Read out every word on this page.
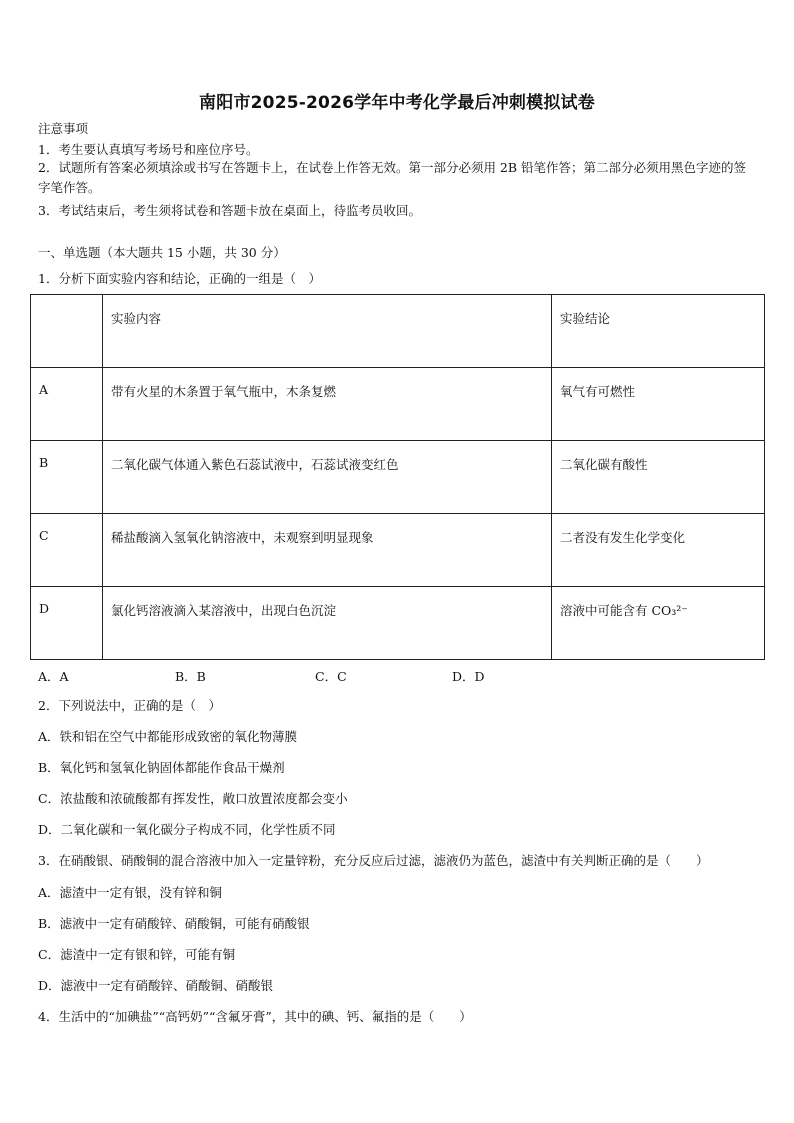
南阳市2025-2026学年中考化学最后冲刺模拟试卷
注意事项
1．考生要认真填写考场号和座位序号。
2．试题所有答案必须填涂或书写在答题卡上，在试卷上作答无效。第一部分必须用 2B 铅笔作答；第二部分必须用黑色字迹的签字笔作答。
3．考试结束后，考生须将试卷和答题卡放在桌面上，待监考员收回。
一、单选题（本大题共 15 小题，共 30 分）
1．分析下面实验内容和结论，正确的一组是（　）
	实验内容	实验结论
A	带有火星的木条置于氧气瓶中，木条复燃	氧气有可燃性
B	二氧化碳气体通入紫色石蕊试液中，石蕊试液变红色	二氧化碳有酸性
C	稀盐酸滴入氢氧化钠溶液中，未观察到明显现象	二者没有发生化学变化
D	氯化钙溶液滴入某溶液中，出现白色沉淀	溶液中可能含有 CO₃²⁻
A．A	B．B	C．C	D．D
2．下列说法中，正确的是（　）
A．铁和铝在空气中都能形成致密的氧化物薄膜
B．氧化钙和氢氧化钠固体都能作食品干燥剂
C．浓盐酸和浓硫酸都有挥发性，敞口放置浓度都会变小
D．二氧化碳和一氧化碳分子构成不同，化学性质不同
3．在硝酸银、硝酸铜的混合溶液中加入一定量锌粉，充分反应后过滤，滤液仍为蓝色，滤渣中有关判断正确的是（　　）
A．滤渣中一定有银，没有锌和铜
B．滤液中一定有硝酸锌、硝酸铜，可能有硝酸银
C．滤渣中一定有银和锌，可能有铜
D．滤液中一定有硝酸锌、硝酸铜、硝酸银
4．生活中的“加碘盐”“高钙奶”“含氟牙膏”，其中的碘、钙、氟指的是（　　）
